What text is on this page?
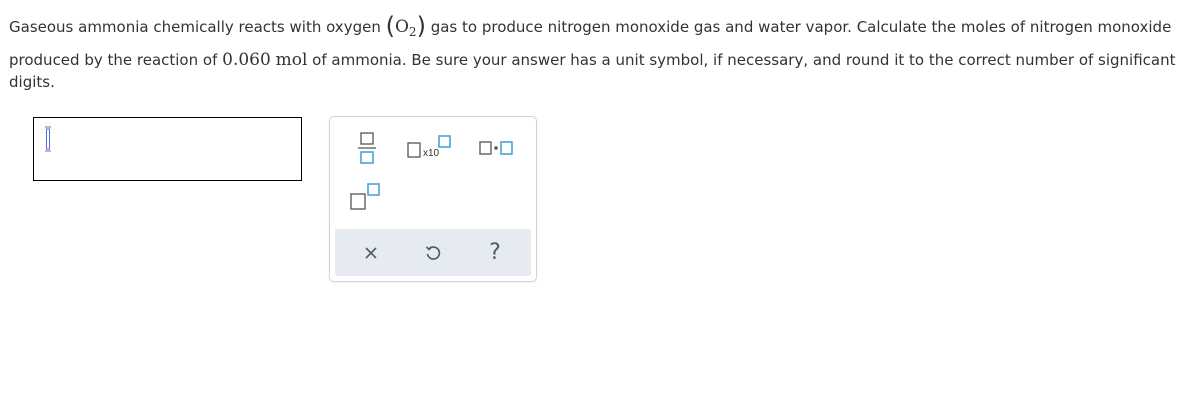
Gaseous ammonia chemically reacts with oxygen $(O_2)$ gas to produce nitrogen monoxide gas and water vapor. Calculate the moles of nitrogen monoxide
produced by the reaction of 0.060 mol of ammonia. Be sure your answer has a unit symbol, if necessary, and round it to the correct number of significant digits.
x10
?
